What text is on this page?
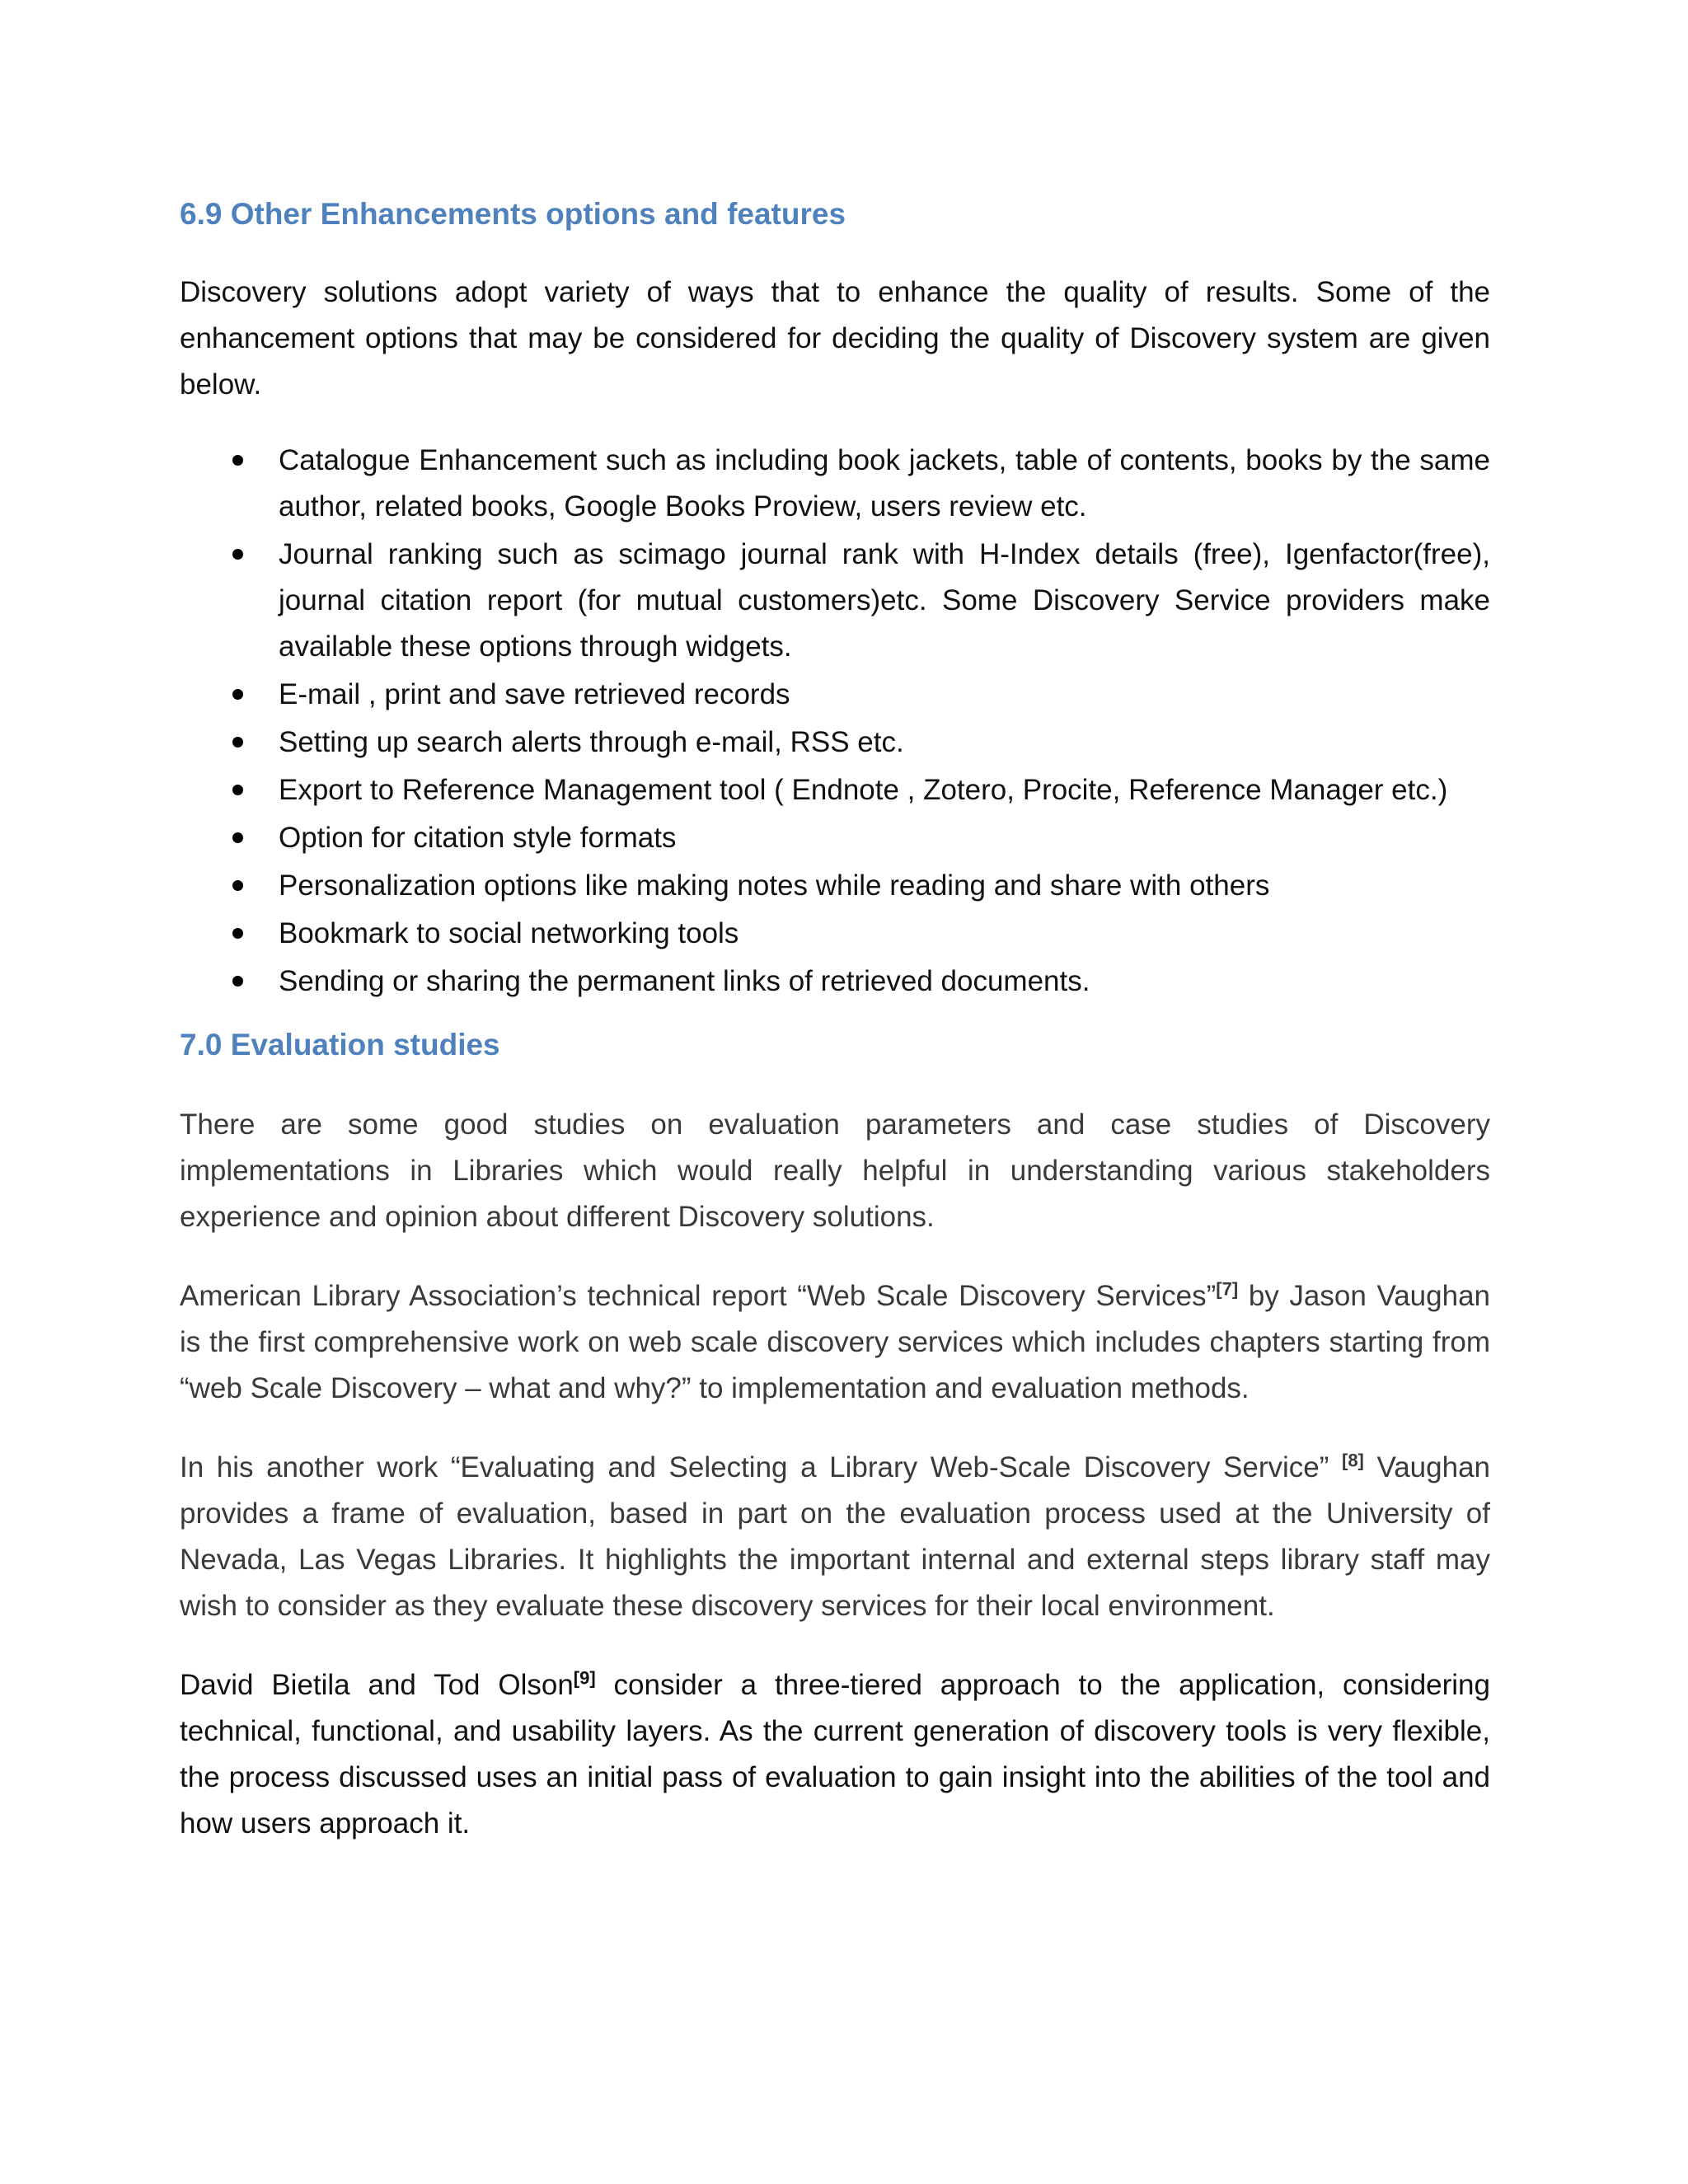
6.9 Other Enhancements options and features

Discovery solutions adopt variety of ways that to enhance the quality of results. Some of the enhancement options that may be considered for deciding the quality of Discovery system are given below.

Catalogue Enhancement such as including book jackets, table of contents, books by the same author, related books, Google Books Proview, users review etc.
Journal ranking such as scimago journal rank with H-Index details (free), Igenfactor(free), journal citation report (for mutual customers)etc. Some Discovery Service providers make available these options through widgets.
E-mail , print and save retrieved records
Setting up search alerts through e-mail, RSS etc.
Export to Reference Management tool ( Endnote , Zotero, Procite, Reference Manager etc.)
Option for citation style formats
Personalization options like making notes while reading and share with others
Bookmark to social networking tools
Sending or sharing the permanent links of retrieved documents.
7.0 Evaluation studies

There are some good studies on evaluation parameters and case studies of Discovery implementations in Libraries which would really helpful in understanding various stakeholders experience and opinion about different Discovery solutions.

American Library Association’s technical report “Web Scale Discovery Services”[7] by Jason Vaughan is the first comprehensive work on web scale discovery services which includes chapters starting from “web Scale Discovery – what and why?” to implementation and evaluation methods.

In his another work “Evaluating and Selecting a Library Web-Scale Discovery Service” [8] Vaughan provides a frame of evaluation, based in part on the evaluation process used at the University of Nevada, Las Vegas Libraries. It highlights the important internal and external steps library staff may wish to consider as they evaluate these discovery services for their local environment.

David Bietila and Tod Olson[9] consider a three-tiered approach to the application, considering technical, functional, and usability layers. As the current generation of discovery tools is very flexible, the process discussed uses an initial pass of evaluation to gain insight into the abilities of the tool and how users approach it.
